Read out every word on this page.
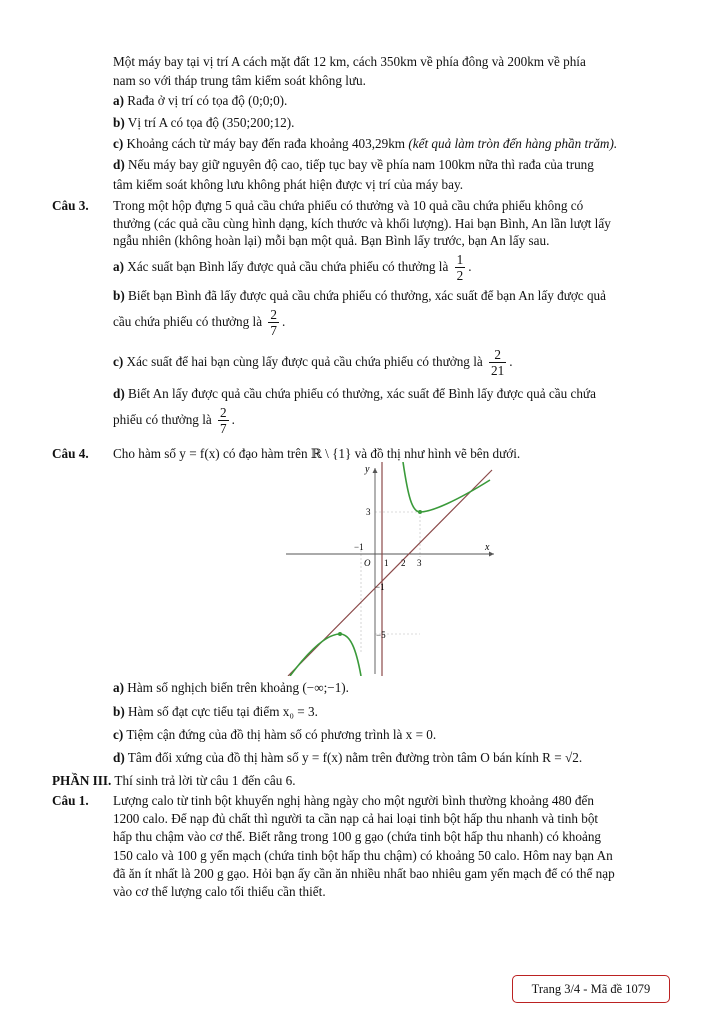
Một máy bay tại vị trí A cách mặt đất 12 km, cách 350km về phía đông và 200km về phía
nam so với tháp trung tâm kiểm soát không lưu.
a) Rađa ở vị trí có tọa độ (0;0;0).
b) Vị trí A có tọa độ (350;200;12).
c) Khoảng cách từ máy bay đến rađa khoảng 403,29km (kết quả làm tròn đến hàng phần trăm).
d) Nếu máy bay giữ nguyên độ cao, tiếp tục bay về phía nam 100km nữa thì rađa của trung
tâm kiểm soát không lưu không phát hiện được vị trí của máy bay.
Câu 3. Trong một hộp đựng 5 quả cầu chứa phiếu có thưởng và 10 quả cầu chứa phiếu không có
thưởng (các quả cầu cùng hình dạng, kích thước và khối lượng). Hai bạn Bình, An lần lượt lấy
ngẫu nhiên (không hoàn lại) mỗi bạn một quả. Bạn Bình lấy trước, bạn An lấy sau.
a) Xác suất bạn Bình lấy được quả cầu chứa phiếu có thưởng là $\frac{1}{2}$ .
b) Biết bạn Bình đã lấy được quả cầu chứa phiếu có thưởng, xác suất để bạn An lấy được quả
cầu chứa phiếu có thưởng là $\frac{2}{7}$ .
c) Xác suất để hai bạn cùng lấy được quả cầu chứa phiếu có thưởng là $\frac{2}{21}$ .
d) Biết An lấy được quả cầu chứa phiếu có thưởng, xác suất để Bình lấy được quả cầu chứa
phiếu có thưởng là $\frac{2}{7}$ .
Câu 4. Cho hàm số y = f(x) có đạo hàm trên ℝ \ {1} và đồ thị như hình vẽ bên dưới.
x
y
O
−1
1 2 3
3
−1
−5
a) Hàm số nghịch biến trên khoảng (−∞;−1).
b) Hàm số đạt cực tiểu tại điểm x₀ = 3.
c) Tiệm cận đứng của đồ thị hàm số có phương trình là x = 0.
d) Tâm đối xứng của đồ thị hàm số y = f(x) nằm trên đường tròn tâm O bán kính R = √2.
PHẦN III. Thí sinh trả lời từ câu 1 đến câu 6.
Câu 1. Lượng calo từ tinh bột khuyến nghị hàng ngày cho một người bình thường khoảng 480 đến
1200 calo. Để nạp đủ chất thì người ta cần nạp cả hai loại tinh bột hấp thu nhanh và tinh bột
hấp thu chậm vào cơ thể. Biết rằng trong 100 g gạo (chứa tinh bột hấp thu nhanh) có khoảng
150 calo và 100 g yến mạch (chứa tinh bột hấp thu chậm) có khoảng 50 calo. Hôm nay bạn An
đã ăn ít nhất là 200 g gạo. Hỏi bạn ấy cần ăn nhiều nhất bao nhiêu gam yến mạch để có thể nạp
vào cơ thể lượng calo tối thiểu cần thiết.
Trang 3/4 - Mã đề 1079
